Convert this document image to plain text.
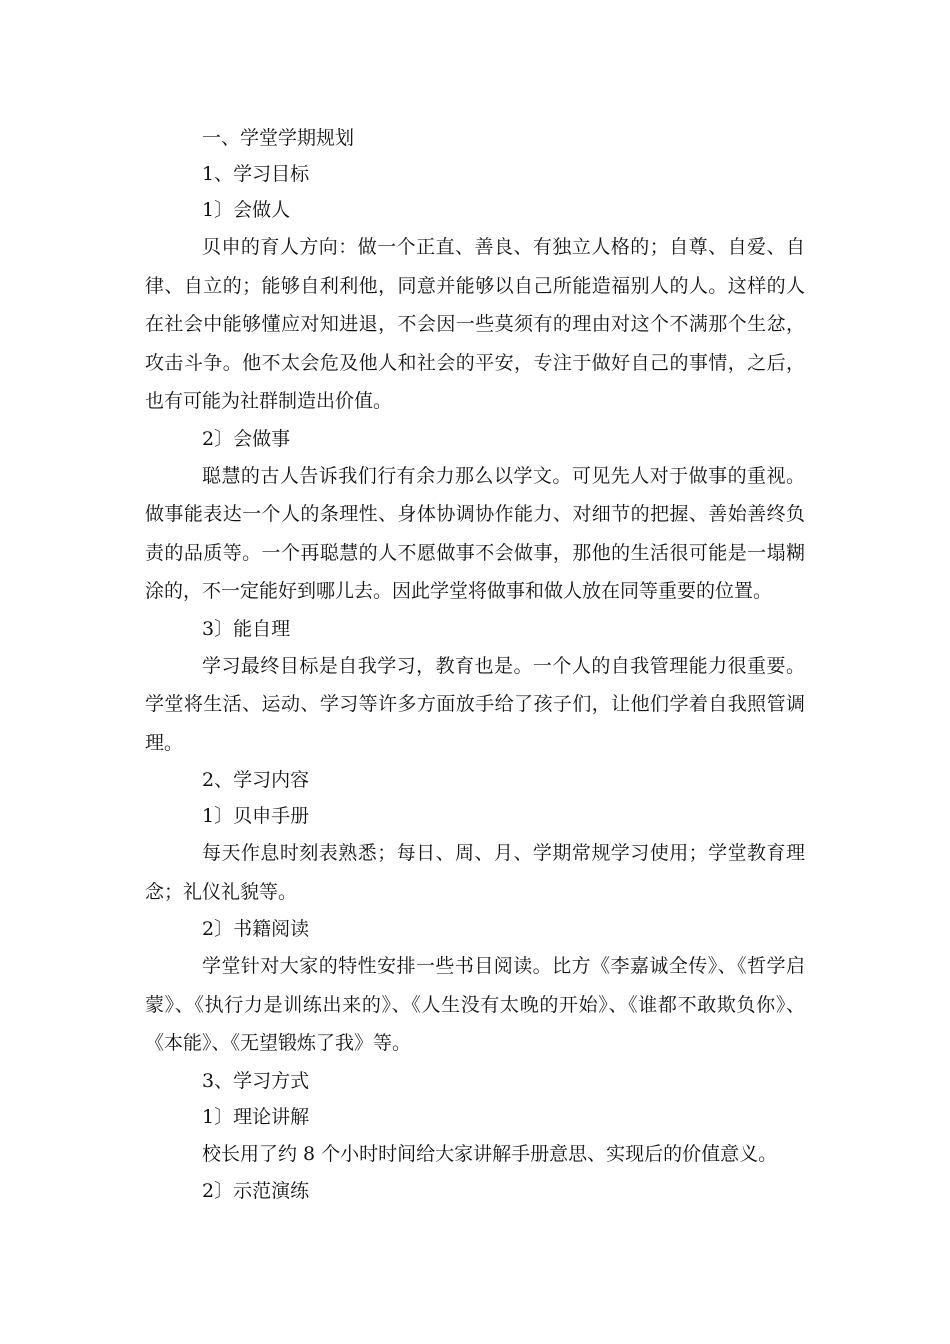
一、学堂学期规划

1、学习目标

1〕会做人

贝申的育人方向：做一个正直、善良、有独立人格的；自尊、自爱、自律、自立的；能够自利利他，同意并能够以自己所能造福别人的人。这样的人在社会中能够懂应对知进退，不会因一些莫须有的理由对这个不满那个生忿，攻击斗争。他不太会危及他人和社会的平安，专注于做好自己的事情，之后，也有可能为社群制造出价值。

2〕会做事

聪慧的古人告诉我们行有余力那么以学文。可见先人对于做事的重视。做事能表达一个人的条理性、身体协调协作能力、对细节的把握、善始善终负责的品质等。一个再聪慧的人不愿做事不会做事，那他的生活很可能是一塌糊涂的，不一定能好到哪儿去。因此学堂将做事和做人放在同等重要的位置。

3〕能自理

学习最终目标是自我学习，教育也是。一个人的自我管理能力很重要。学堂将生活、运动、学习等许多方面放手给了孩子们，让他们学着自我照管调理。

2、学习内容

1〕贝申手册

每天作息时刻表熟悉；每日、周、月、学期常规学习使用；学堂教育理念；礼仪礼貌等。

2〕书籍阅读

学堂针对大家的特性安排一些书目阅读。比方《李嘉诚全传》、《哲学启蒙》、《执行力是训练出来的》、《人生没有太晚的开始》、《谁都不敢欺负你》、《本能》、《无望锻炼了我》等。

3、学习方式

1〕理论讲解

校长用了约 8 个小时时间给大家讲解手册意思、实现后的价值意义。

2〕示范演练
